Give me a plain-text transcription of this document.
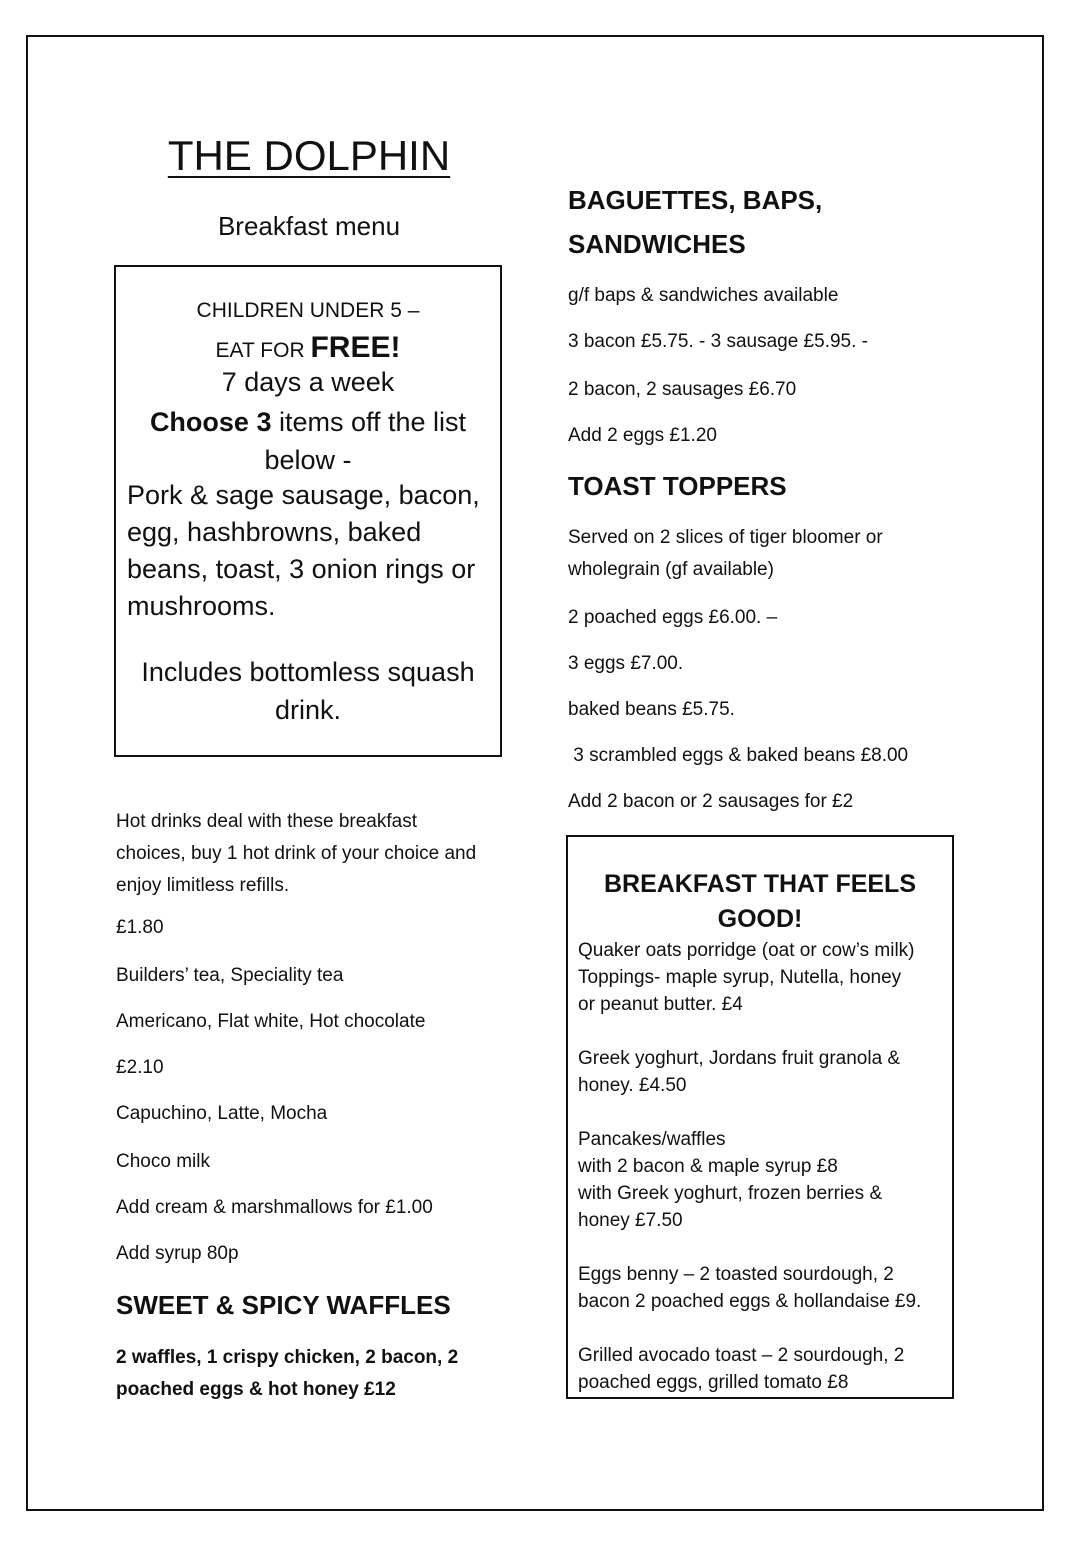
THE DOLPHIN
Breakfast menu
CHILDREN UNDER 5 –
EAT FOR FREE!
7 days a week
Choose 3 items off the list below -
Pork & sage sausage, bacon, egg, hashbrowns, baked beans, toast, 3 onion rings or mushrooms.
Includes bottomless squash drink.
Hot drinks deal with these breakfast choices, buy 1 hot drink of your choice and enjoy limitless refills.
£1.80
Builders’ tea, Speciality tea
Americano, Flat white, Hot chocolate
£2.10
Capuchino, Latte, Mocha
Choco milk
Add cream & marshmallows for £1.00
Add syrup 80p
SWEET & SPICY WAFFLES
2 waffles, 1 crispy chicken, 2 bacon, 2
poached eggs & hot honey £12
BAGUETTES, BAPS,
SANDWICHES
g/f baps & sandwiches available
3 bacon £5.75. - 3 sausage £5.95. -
2 bacon, 2 sausages £6.70
Add 2 eggs £1.20
TOAST TOPPERS
Served on 2 slices of tiger bloomer or
wholegrain (gf available)
2 poached eggs £6.00. –
3 eggs £7.00.
baked beans £5.75.
3 scrambled eggs & baked beans £8.00
Add 2 bacon or 2 sausages for £2
BREAKFAST THAT FEELS
GOOD!
Quaker oats porridge (oat or cow’s milk)
Toppings- maple syrup, Nutella, honey
or peanut butter. £4
Greek yoghurt, Jordans fruit granola &
honey. £4.50
Pancakes/waffles
with 2 bacon & maple syrup £8
with Greek yoghurt, frozen berries &
honey £7.50
Eggs benny – 2 toasted sourdough, 2
bacon 2 poached eggs & hollandaise £9.
Grilled avocado toast – 2 sourdough, 2
poached eggs, grilled tomato £8
